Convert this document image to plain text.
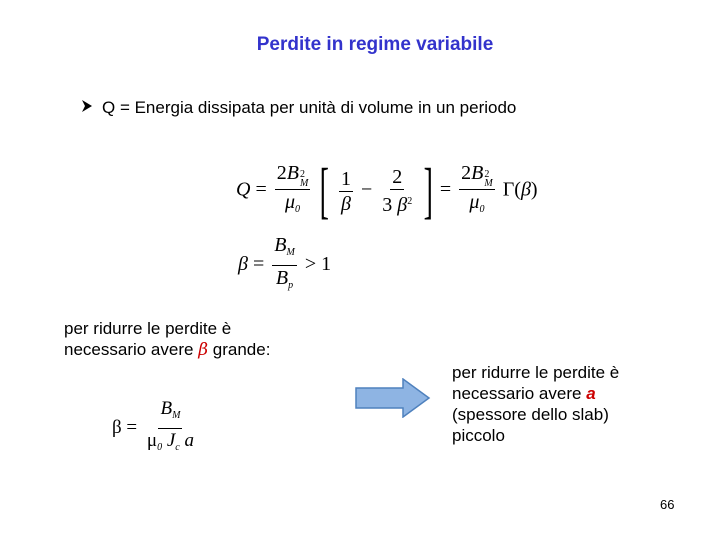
Perdite in regime variabile
Q = Energia dissipata per unità di volume in un periodo
Q = 2B 2
M
$\mu_0$ [ $\frac{1}{\beta} - \frac{2}{3 \beta^2}$ ] = 2B 2
M
$\mu_0$ Γ(β)
$\beta = \frac{B_M}{B_p} > 1$
per ridurre le perdite è
necessario avere β grande:
$\beta = \frac{B_M}{\mu_0 J_c a}$
per ridurre le perdite è
necessario avere a
(spessore dello slab)
piccolo
66
